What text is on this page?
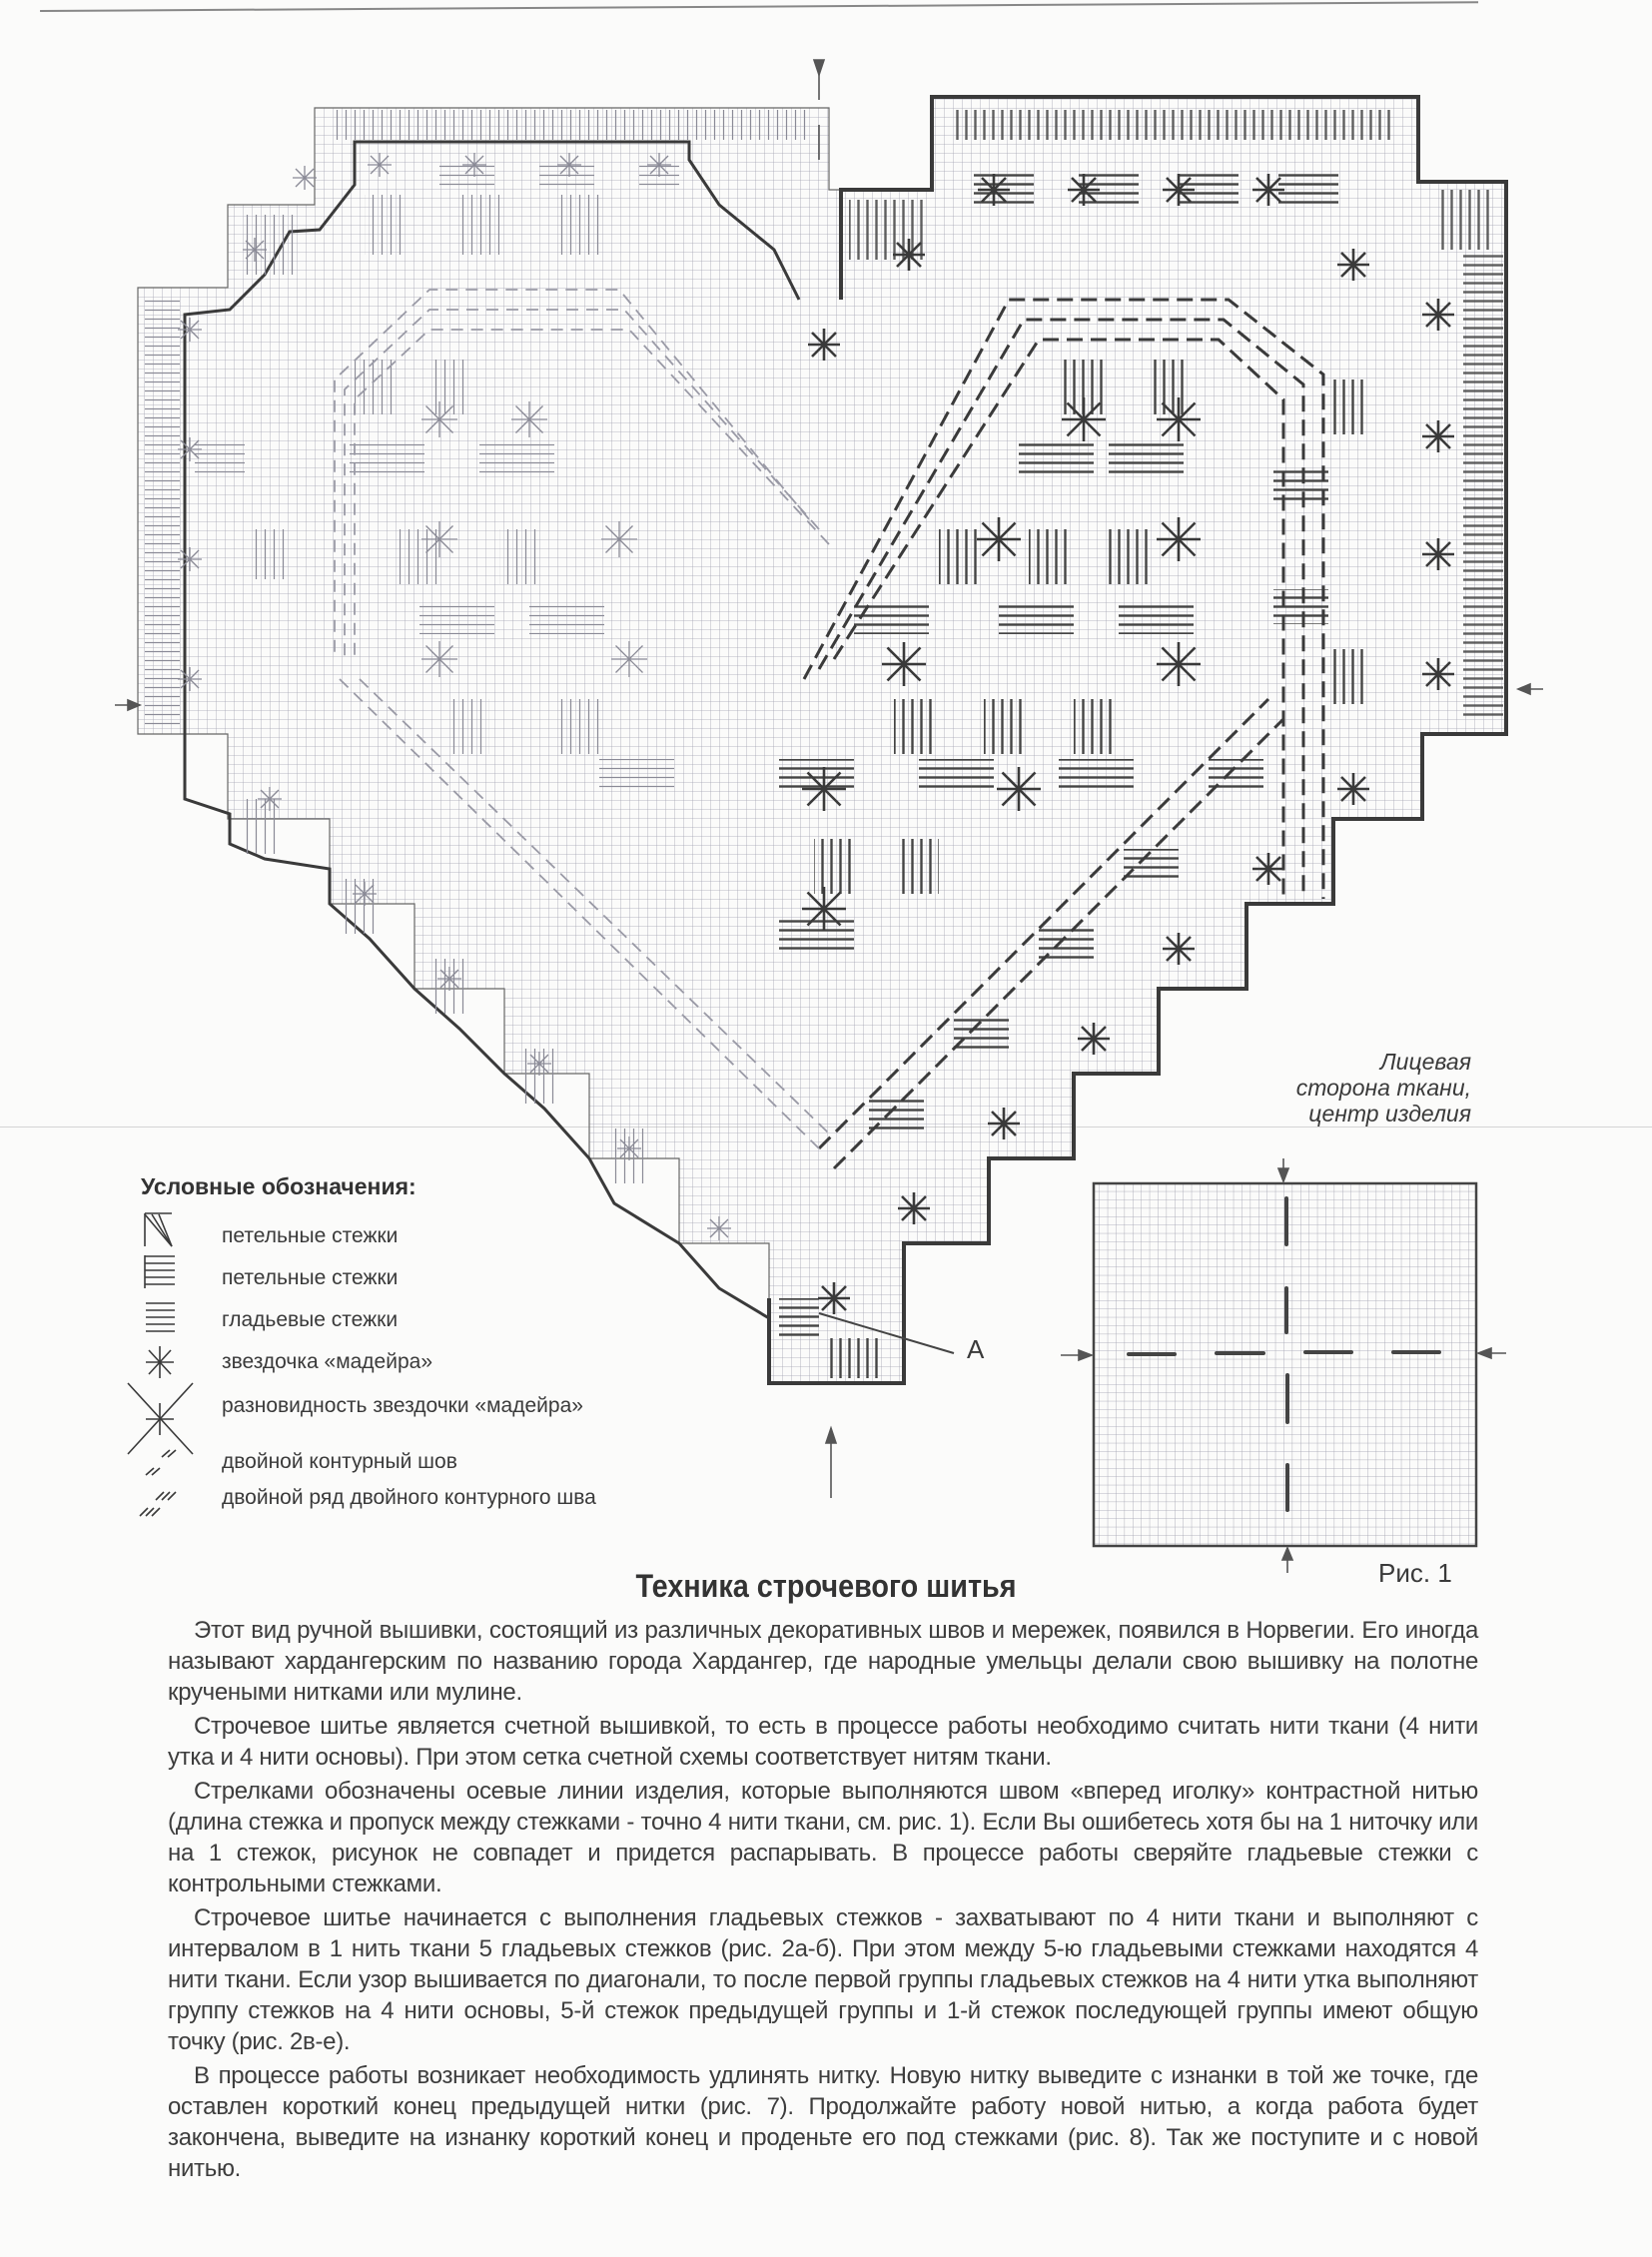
Условные обозначения:
петельные стежки
петельные стежки
гладьевые стежки
звездочка «мадейра»
разновидность звездочки «мадейра»
двойной контурный шов
двойной ряд двойного контурного шва
Лицевая
сторона ткани,
центр изделия
Рис. 1
A
Техника строчевого шитья

Этот вид ручной вышивки, состоящий из различных декоративных швов и мережек, появился в Норвегии. Его иногда называют хардангерским по названию города Хардангер, где народные умельцы делали свою вышивку на полотне кручеными нитками или мулине.

Строчевое шитье является счетной вышивкой, то есть в процессе работы необходимо считать нити ткани (4 нити утка и 4 нити основы). При этом сетка счетной схемы соответствует нитям ткани.

Стрелками обозначены осевые линии изделия, которые выполняются швом «вперед иголку» контрастной нитью (длина стежка и пропуск между стежками - точно 4 нити ткани, см. рис. 1). Если Вы ошибетесь хотя бы на 1 ниточку или на 1 стежок, рисунок не совпадет и придется распарывать. В процессе работы сверяйте гладьевые стежки с контрольными стежками.

Строчевое шитье начинается с выполнения гладьевых стежков - захватывают по 4 нити ткани и выполняют с интервалом в 1 нить ткани 5 гладьевых стежков (рис. 2а-б). При этом между 5-ю гладьевыми стежками находятся 4 нити ткани. Если узор вышивается по диагонали, то после первой группы гладьевых стежков на 4 нити утка выполняют группу стежков на 4 нити основы, 5-й стежок предыдущей группы и 1-й стежок последующей группы имеют общую точку (рис. 2в-е).

В процессе работы возникает необходимость удлинять нитку. Новую нитку выведите с изнанки в той же точке, где оставлен короткий конец предыдущей нитки (рис. 7). Продолжайте работу новой нитью, а когда работа будет закончена, выведите на изнанку короткий конец и проденьте его под стежками (рис. 8). Так же поступите и с новой нитью.
